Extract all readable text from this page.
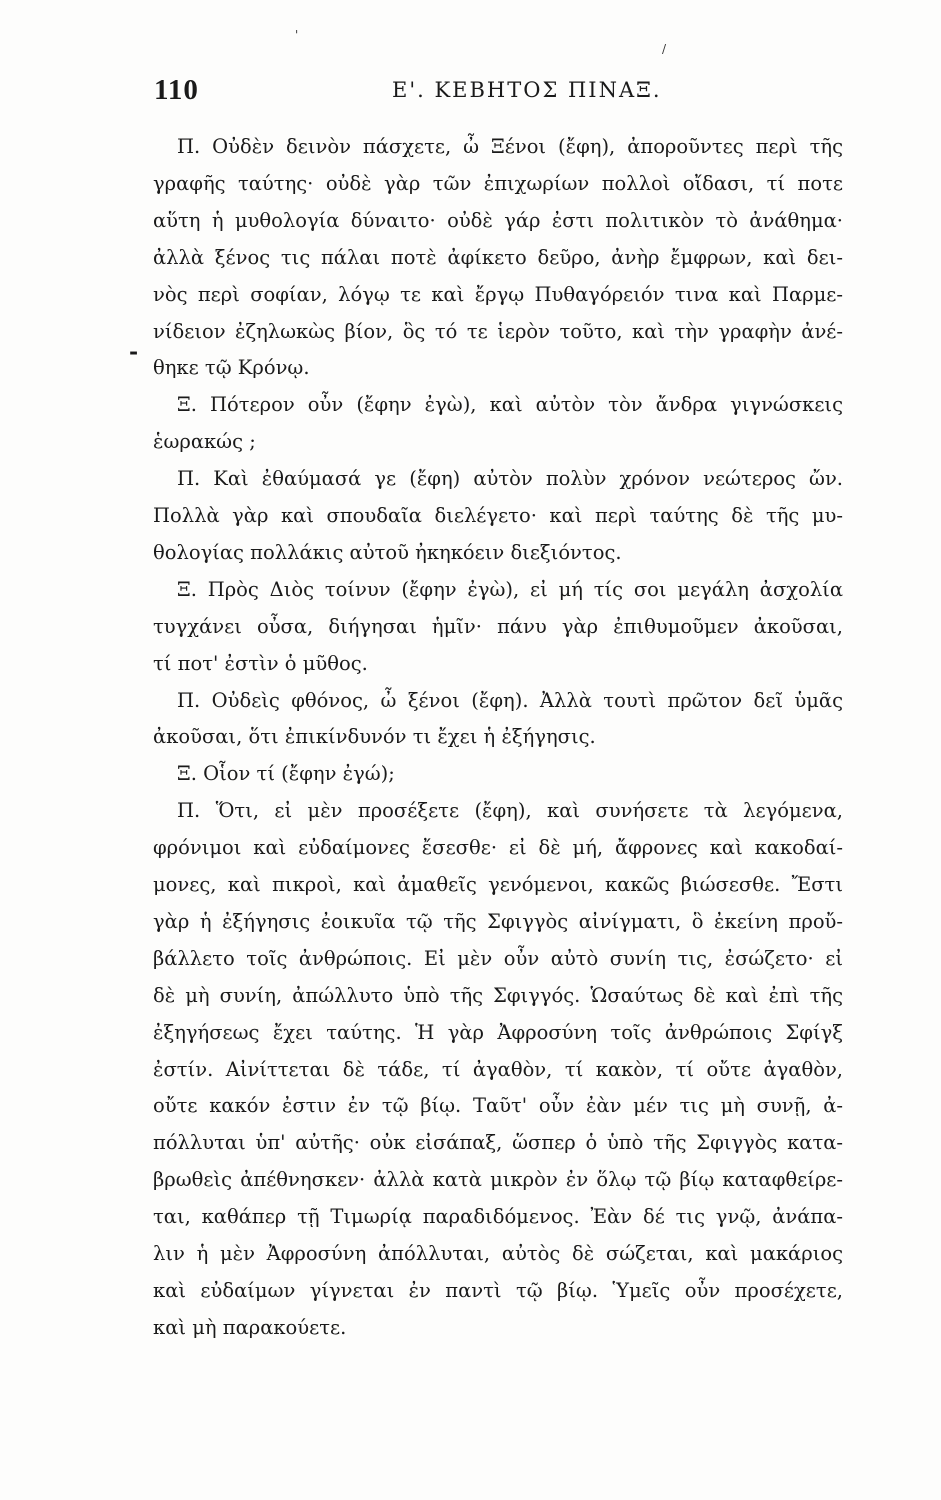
'
/
110	Ε'. ΚΕΒΗΤΟΣ ΠΙΝΑΞ.
-
Π. Οὐδὲν δεινὸν πάσχετε, ὦ Ξένοι (ἔφη), ἀπορoῦντες περὶ τῆς
γραφῆς ταύτης· οὐδὲ γὰρ τῶν ἐπιχωρίων πολλοὶ οἴδασι, τί ποτε
αὕτη ἡ μυθολογία δύναιτο· οὐδὲ γάρ ἐστι πολιτικὸν τὸ ἀνάθημα·
ἀλλὰ ξένος τις πάλαι ποτὲ ἀφίκετο δεῦρο, ἀνὴρ ἔμφρων, καὶ δει-
νὸς περὶ σοφίαν, λόγῳ τε καὶ ἔργῳ Πυθαγόρειόν τινα καὶ Παρμε-
νίδειον ἐζηλωκὼς βίον, ὃς τό τε ἱερὸν τοῦτο, καὶ τὴν γραφὴν ἀνέ-
θηκε τῷ Κρόνῳ.
Ξ. Πότερον οὖν (ἔφην ἐγὼ), καὶ αὐτὸν τὸν ἄνδρα γιγνώσκεις
ἑωρακώς ;
Π. Καὶ ἐθαύμασά γε (ἔφη) αὐτὸν πολὺν χρόνον νεώτερος ὤν.
Πολλὰ γὰρ καὶ σπουδαῖα διελέγετο· καὶ περὶ ταύτης δὲ τῆς μυ-
θολογίας πολλάκις αὐτοῦ ἠκηκόειν διεξιόντος.
Ξ. Πρὸς Διὸς τοίνυν (ἔφην ἐγὼ), εἰ μή τίς σοι μεγάλη ἀσχολία
τυγχάνει οὖσα, διήγησαι ἡμῖν· πάνυ γὰρ ἐπιθυμοῦμεν ἀκοῦσαι,
τί ποτ' ἐστὶν ὁ μῦθος.
Π. Οὐδεὶς φθόνος, ὦ ξένοι (ἔφη). Ἀλλὰ τουτὶ πρῶτον δεῖ ὑμᾶς
ἀκοῦσαι, ὅτι ἐπικίνδυνόν τι ἔχει ἡ ἐξήγησις.
Ξ. Οἷον τί (ἔφην ἐγώ);
Π. Ὅτι, εἰ μὲν προσέξετε (ἔφη), καὶ συνήσετε τὰ λεγόμενα,
φρόνιμοι καὶ εὐδαίμονες ἔσεσθε· εἰ δὲ μή, ἄφρονες καὶ κακοδαί-
μονες, καὶ πικροὶ, καὶ ἀμαθεῖς γενόμενοι, κακῶς βιώσεσθε. Ἔστι
γὰρ ἡ ἐξήγησις ἐοικυῖα τῷ τῆς Σφιγγὸς αἰνίγματι, ὃ ἐκείνη προὔ-
βάλλετο τοῖς ἀνθρώποις. Εἰ μὲν οὖν αὐτὸ συνίη τις, ἐσώζετο· εἰ
δὲ μὴ συνίη, ἀπώλλυτο ὑπὸ τῆς Σφιγγός. Ὡσαύτως δὲ καὶ ἐπὶ τῆς
ἐξηγήσεως ἔχει ταύτης. Ἡ γὰρ Ἀφροσύνη τοῖς ἀνθρώποις Σφίγξ
ἐστίν. Αἰνίττεται δὲ τάδε, τί ἀγαθὸν, τί κακὸν, τί οὔτε ἀγαθὸν,
οὔτε κακόν ἐστιν ἐν τῷ βίῳ. Ταῦτ' οὖν ἐὰν μέν τις μὴ συνῇ, ἀ-
πόλλυται ὑπ' αὐτῆς· οὐκ εἰσάπαξ, ὥσπερ ὁ ὑπὸ τῆς Σφιγγὸς κατα-
βρωθεὶς ἀπέθνησκεν· ἀλλὰ κατὰ μικρὸν ἐν ὅλῳ τῷ βίῳ καταφθείρε-
ται, καθάπερ τῇ Τιμωρίᾳ παραδιδόμενος. Ἐὰν δέ τις γνῷ, ἀνάπα-
λιν ἡ μὲν Ἀφροσύνη ἀπόλλυται, αὐτὸς δὲ σώζεται, καὶ μακάριος
καὶ εὐδαίμων γίγνεται ἐν παντὶ τῷ βίῳ. Ὑμεῖς οὖν προσέχετε,
καὶ μὴ παρακούετε.
